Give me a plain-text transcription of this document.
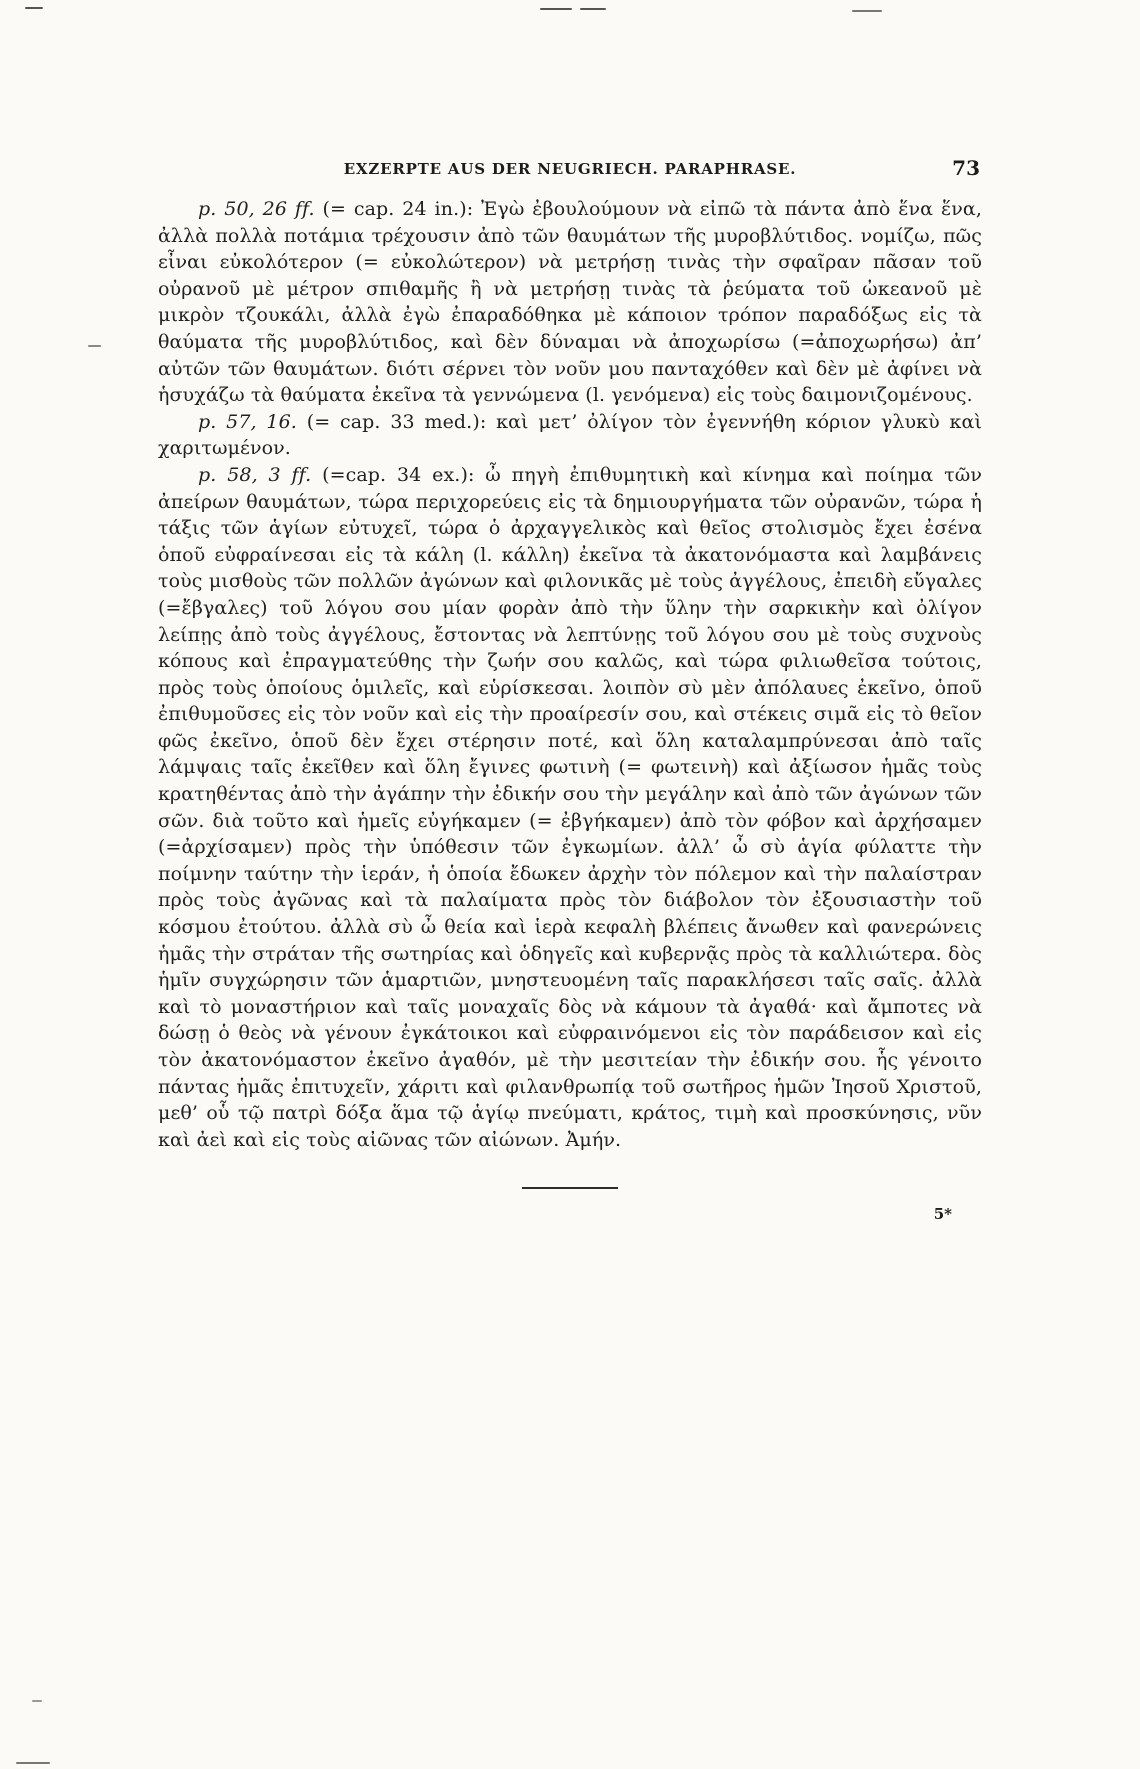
EXZERPTE AUS DER NEUGRIECH. PARAPHRASE.	73

p. 50, 26 ff. (= cap. 24 in.): Ἐγὼ ἐβουλούμουν νὰ εἰπῶ τὰ πάντα ἀπὸ ἕνα ἕνα, ἀλλὰ πολλὰ ποτάμια τρέχουσιν ἀπὸ τῶν θαυμάτων τῆς μυροβλύτιδος. νομίζω, πῶς εἶναι εὐκολότερον (= εὐκολώτερον) νὰ μετρήσῃ τινὰς τὴν σφαῖραν πᾶσαν τοῦ οὐρανοῦ μὲ μέτρον σπιθαμῆς ἢ νὰ μετρήσῃ τινὰς τὰ ῥεύματα τοῦ ὠκεανοῦ μὲ μικρὸν τζουκάλι, ἀλλὰ ἐγὼ ἐπαραδόθηκα μὲ κάποιον τρόπον παραδόξως εἰς τὰ θαύματα τῆς μυροβλύτιδος, καὶ δὲν δύναμαι νὰ ἀποχωρίσω (=ἀποχωρήσω) ἀπ’ αὐτῶν τῶν θαυμάτων. διότι σέρνει τὸν νοῦν μου πανταχόθεν καὶ δὲν μὲ ἀφίνει νὰ ἡσυχάζω τὰ θαύματα ἐκεῖνα τὰ γεννώμενα (l. γενόμενα) εἰς τοὺς δαιμονιζομένους.

p. 57, 16. (= cap. 33 med.): καὶ μετ’ ὀλίγον τὸν ἐγεννήθη κόριον γλυκὺ καὶ χαριτωμένον.

p. 58, 3 ff. (=cap. 34 ex.): ὦ πηγὴ ἐπιθυμητικὴ καὶ κίνημα καὶ ποίημα τῶν ἀπείρων θαυμάτων, τώρα περιχορεύεις εἰς τὰ δημιουργήματα τῶν οὐρανῶν, τώρα ἡ τάξις τῶν ἁγίων εὐτυχεῖ, τώρα ὁ ἀρχαγγελικὸς καὶ θεῖος στολισμὸς ἔχει ἐσένα ὁποῦ εὐφραίνεσαι εἰς τὰ κάλη (l. κάλλη) ἐκεῖνα τὰ ἀκατονόμαστα καὶ λαμβάνεις τοὺς μισθοὺς τῶν πολλῶν ἀγώνων καὶ φιλονικᾶς μὲ τοὺς ἀγγέλους, ἐπειδὴ εὔγαλες (=ἔβγαλες) τοῦ λόγου σου μίαν φορὰν ἀπὸ τὴν ὕλην τὴν σαρκικὴν καὶ ὀλίγον λείπῃς ἀπὸ τοὺς ἀγγέλους, ἔστοντας νὰ λεπτύνῃς τοῦ λόγου σου μὲ τοὺς συχνοὺς κόπους καὶ ἐπραγματεύθης τὴν ζωήν σου καλῶς, καὶ τώρα φιλιωθεῖσα τούτοις, πρὸς τοὺς ὁποίους ὁμιλεῖς, καὶ εὑρίσκεσαι. λοιπὸν σὺ μὲν ἀπόλαυες ἐκεῖνο, ὁποῦ ἐπιθυμοῦσες εἰς τὸν νοῦν καὶ εἰς τὴν προαίρεσίν σου, καὶ στέκεις σιμᾶ εἰς τὸ θεῖον φῶς ἐκεῖνο, ὁποῦ δὲν ἔχει στέρησιν ποτέ, καὶ ὅλη καταλαμπρύνεσαι ἀπὸ ταῖς λάμψαις ταῖς ἐκεῖθεν καὶ ὅλη ἔγινες φωτινὴ (= φωτεινὴ) καὶ ἀξίωσον ἡμᾶς τοὺς κρατηθέντας ἀπὸ τὴν ἀγάπην τὴν ἐδικήν σου τὴν μεγάλην καὶ ἀπὸ τῶν ἀγώνων τῶν σῶν. διὰ τοῦτο καὶ ἡμεῖς εὐγήκαμεν (= ἐβγήκαμεν) ἀπὸ τὸν φόβον καὶ ἀρχήσαμεν (=ἀρχίσαμεν) πρὸς τὴν ὑπόθεσιν τῶν ἐγκωμίων. ἀλλ’ ὦ σὺ ἁγία φύλαττε τὴν ποίμνην ταύτην τὴν ἱεράν, ἡ ὁποία ἔδωκεν ἀρχὴν τὸν πόλεμον καὶ τὴν παλαίστραν πρὸς τοὺς ἀγῶνας καὶ τὰ παλαίματα πρὸς τὸν διάβολον τὸν ἐξουσιαστὴν τοῦ κόσμου ἐτούτου. ἀλλὰ σὺ ὦ θεία καὶ ἱερὰ κεφαλὴ βλέπεις ἄνωθεν καὶ φανερώνεις ἡμᾶς τὴν στράταν τῆς σωτηρίας καὶ ὁδηγεῖς καὶ κυβερνᾷς πρὸς τὰ καλλιώτερα. δὸς ἡμῖν συγχώρησιν τῶν ἁμαρτιῶν, μνηστευομένη ταῖς παρακλήσεσι ταῖς σαῖς. ἀλλὰ καὶ τὸ μοναστήριον καὶ ταῖς μοναχαῖς δὸς νὰ κάμουν τὰ ἀγαθά· καὶ ἄμποτες νὰ δώσῃ ὁ θεὸς νὰ γένουν ἐγκάτοικοι καὶ εὐφραινόμενοι εἰς τὸν παράδεισον καὶ εἰς τὸν ἀκατονόμαστον ἐκεῖνο ἀγαθόν, μὲ τὴν μεσιτείαν τὴν ἐδικήν σου. ἧς γένοιτο πάντας ἡμᾶς ἐπιτυχεῖν, χάριτι καὶ φιλανθρωπίᾳ τοῦ σωτῆρος ἡμῶν Ἰησοῦ Χριστοῦ, μεθ’ οὗ τῷ πατρὶ δόξα ἅμα τῷ ἁγίῳ πνεύματι, κράτος, τιμὴ καὶ προσκύνησις, νῦν καὶ ἀεὶ καὶ εἰς τοὺς αἰῶνας τῶν αἰώνων. Ἀμήν.

5*
